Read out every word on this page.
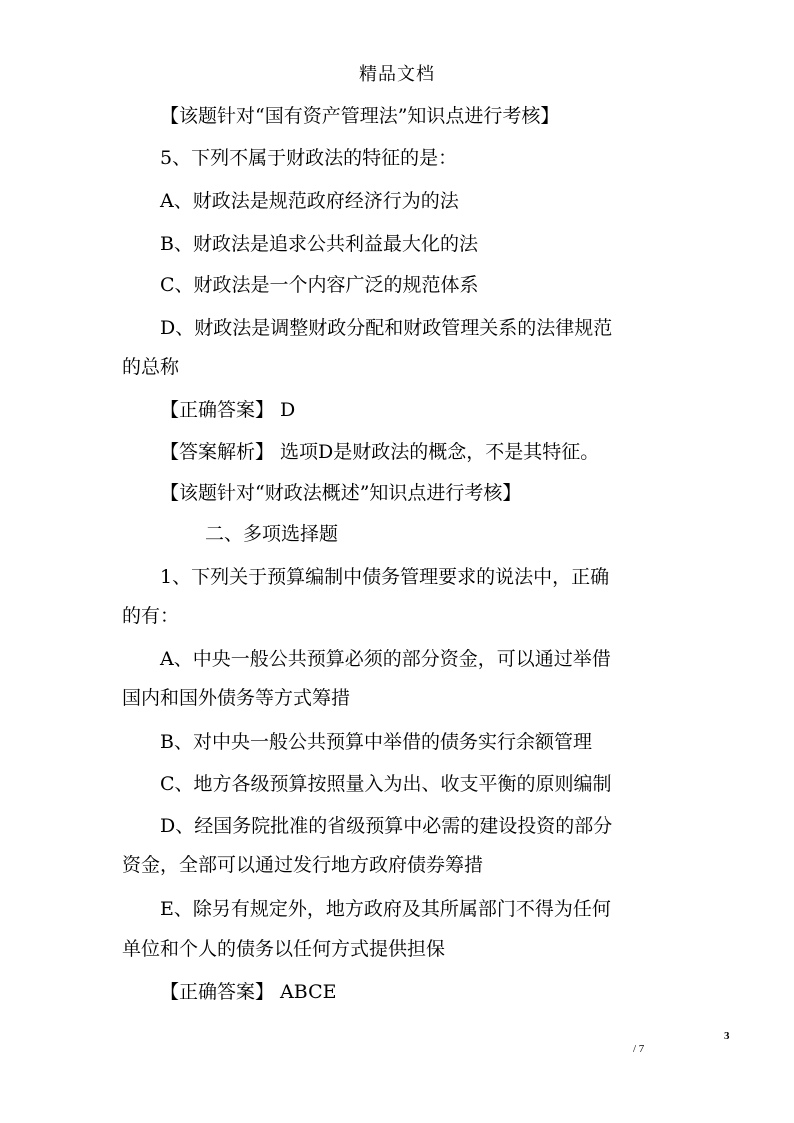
精品文档
【该题针对“国有资产管理法”知识点进行考核】
5、下列不属于财政法的特征的是：
A、财政法是规范政府经济行为的法
B、财政法是追求公共利益最大化的法
C、财政法是一个内容广泛的规范体系
D、财政法是调整财政分配和财政管理关系的法律规范
的总称
【正确答案】 D
【答案解析】 选项D是财政法的概念，不是其特征。
【该题针对“财政法概述”知识点进行考核】
二、多项选择题
1、下列关于预算编制中债务管理要求的说法中，正确
的有：
A、中央一般公共预算必须的部分资金，可以通过举借
国内和国外债务等方式筹措
B、对中央一般公共预算中举借的债务实行余额管理
C、地方各级预算按照量入为出、收支平衡的原则编制
D、经国务院批准的省级预算中必需的建设投资的部分
资金，全部可以通过发行地方政府债券筹措
E、除另有规定外，地方政府及其所属部门不得为任何
单位和个人的债务以任何方式提供担保
【正确答案】 ABCE
3
/ 7
